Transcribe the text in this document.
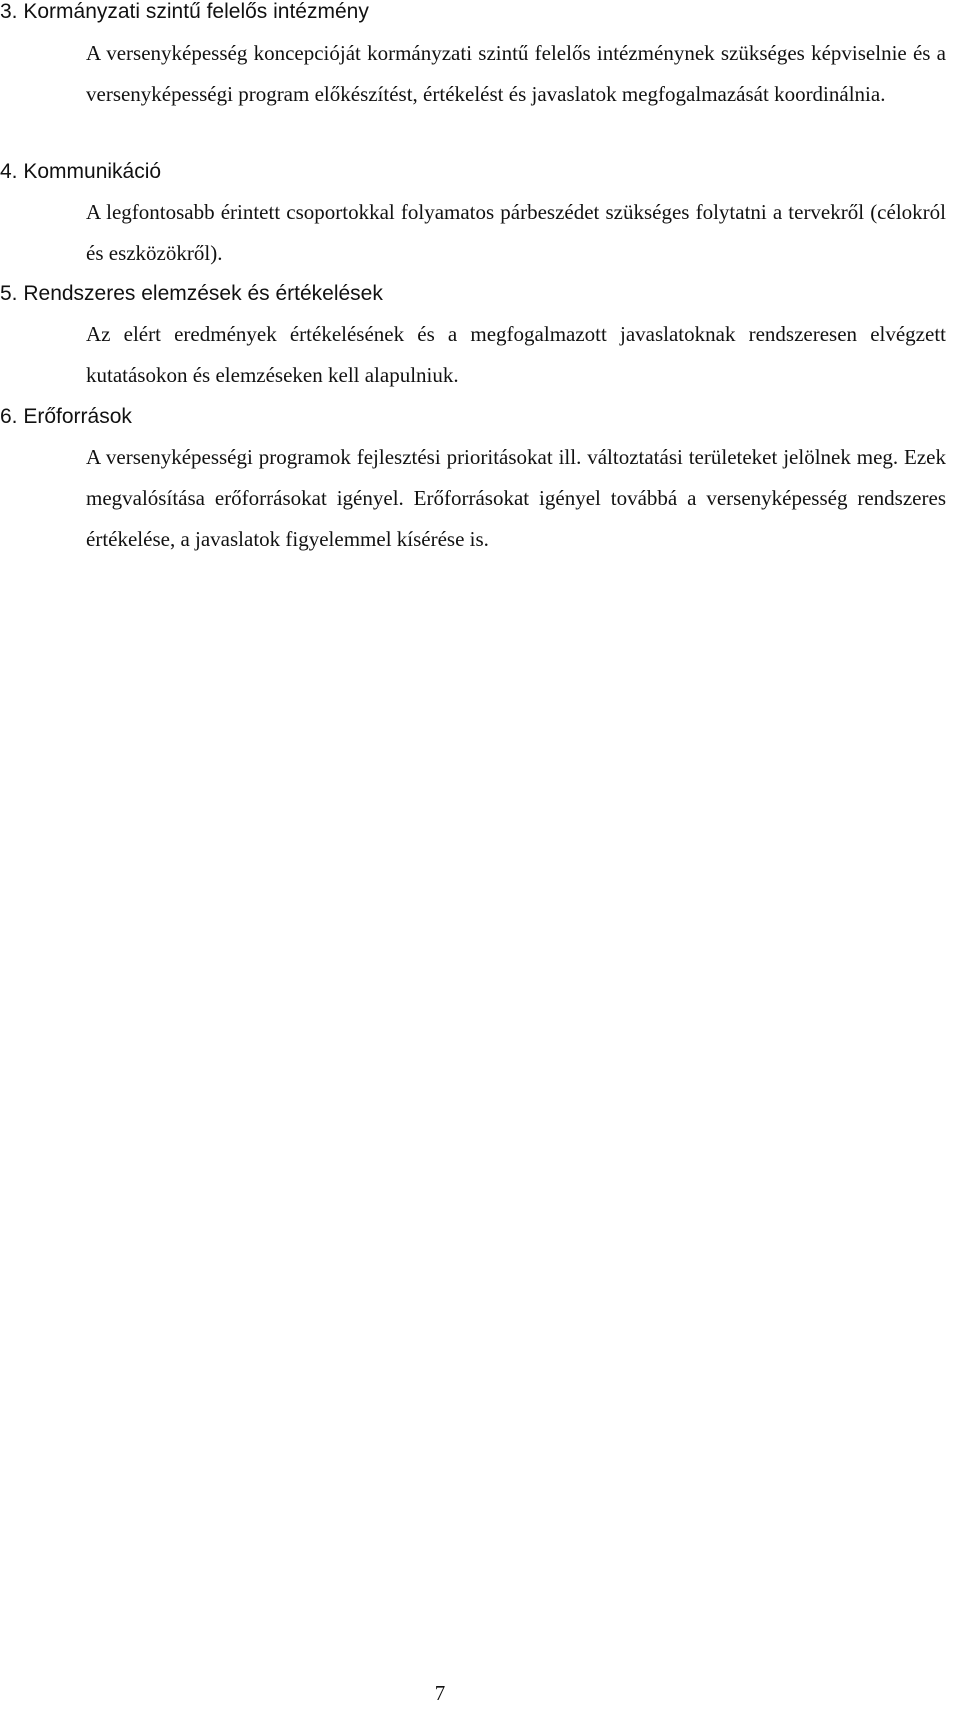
3. Kormányzati szintű felelős intézmény

A versenyképesség koncepcióját kormányzati szintű felelős intézménynek szükséges képviselnie és a versenyképességi program előkészítést, értékelést és javaslatok megfogalmazását koordinálnia.

4. Kommunikáció

A legfontosabb érintett csoportokkal folyamatos párbeszédet szükséges folytatni a tervekről (célokról és eszközökről).

5. Rendszeres elemzések és értékelések

Az elért eredmények értékelésének és a megfogalmazott javaslatoknak rendszeresen elvégzett kutatásokon és elemzéseken kell alapulniuk.

6. Erőforrások

A versenyképességi programok fejlesztési prioritásokat ill. változtatási területeket jelölnek meg. Ezek megvalósítása erőforrásokat igényel. Erőforrásokat igényel továbbá a versenyképesség rendszeres értékelése, a javaslatok figyelemmel kísérése is.

7
